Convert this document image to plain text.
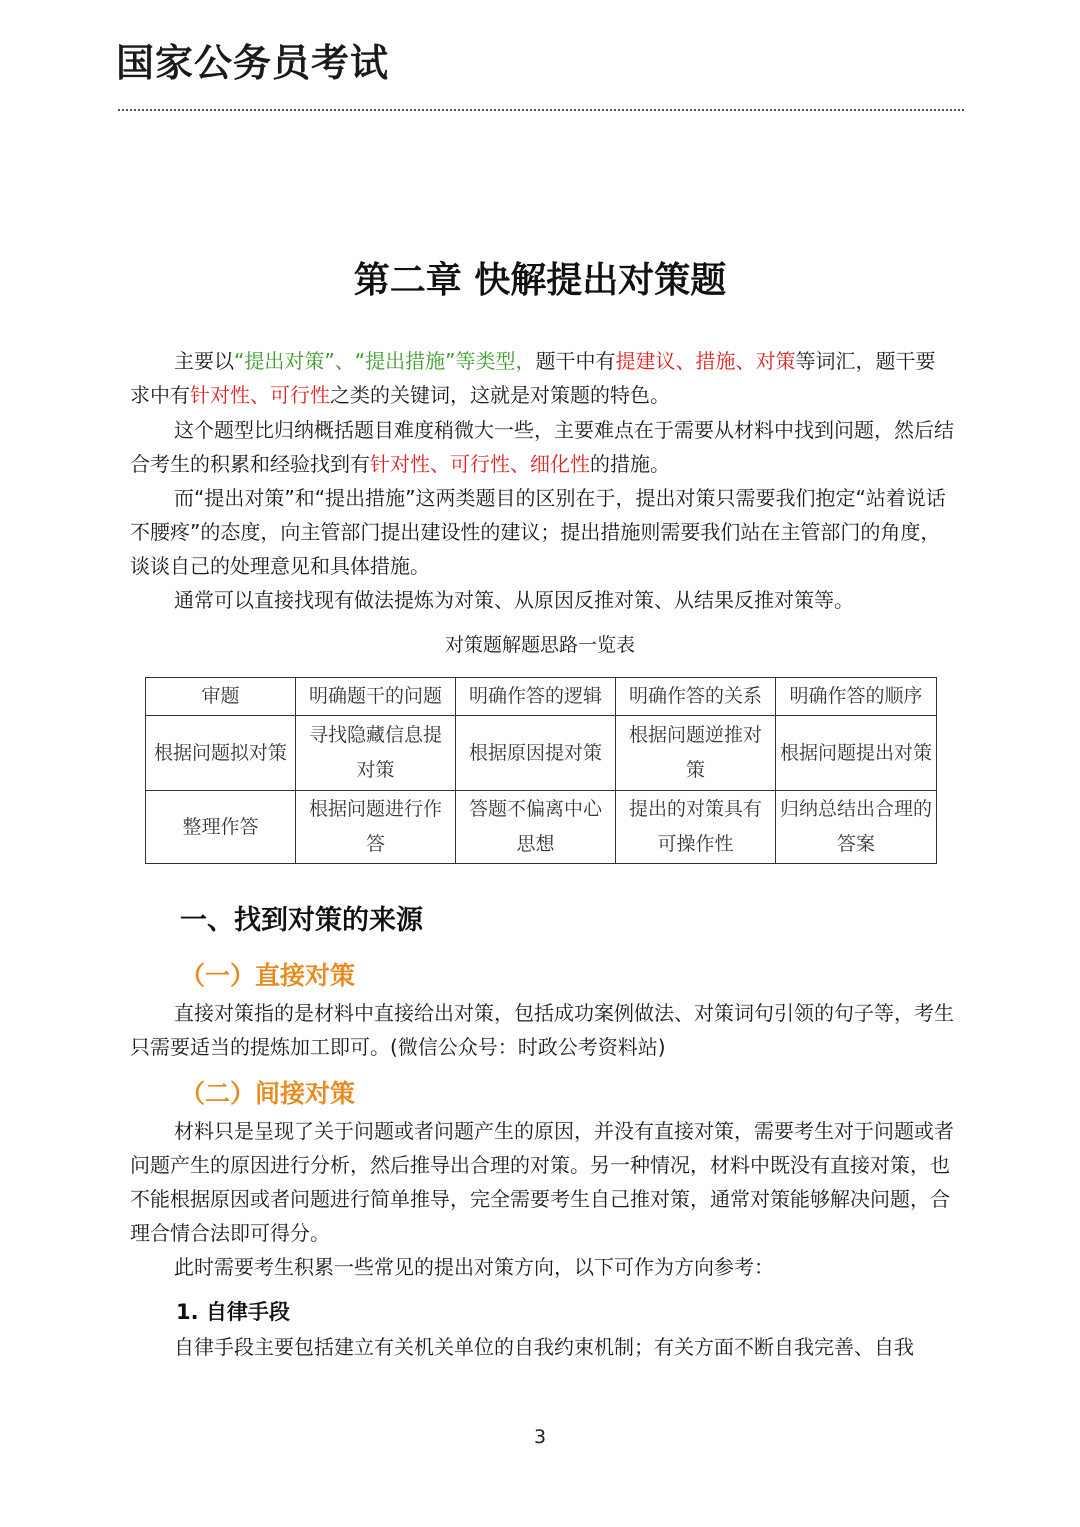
国家公务员考试
第二章 快解提出对策题

主要以“提出对策”、“提出措施”等类型，题干中有提建议、措施、对策等词汇，题干要求中有针对性、可行性之类的关键词，这就是对策题的特色。

这个题型比归纳概括题目难度稍微大一些，主要难点在于需要从材料中找到问题，然后结合考生的积累和经验找到有针对性、可行性、细化性的措施。

而“提出对策”和“提出措施”这两类题目的区别在于，提出对策只需要我们抱定“站着说话不腰疼”的态度，向主管部门提出建设性的建议；提出措施则需要我们站在主管部门的角度，谈谈自己的处理意见和具体措施。

通常可以直接找现有做法提炼为对策、从原因反推对策、从结果反推对策等。

对策题解题思路一览表
审题	明确题干的问题	明确作答的逻辑	明确作答的关系	明确作答的顺序
根据问题拟对策	寻找隐藏信息提对策	根据原因提对策	根据问题逆推对策	根据问题提出对策
整理作答	根据问题进行作答	答题不偏离中心思想	提出的对策具有可操作性	归纳总结出合理的答案
一、找到对策的来源
（一）直接对策

直接对策指的是材料中直接给出对策，包括成功案例做法、对策词句引领的句子等，考生只需要适当的提炼加工即可。(微信公众号：时政公考资料站)

（二）间接对策

材料只是呈现了关于问题或者问题产生的原因，并没有直接对策，需要考生对于问题或者问题产生的原因进行分析，然后推导出合理的对策。另一种情况，材料中既没有直接对策，也不能根据原因或者问题进行简单推导，完全需要考生自己推对策，通常对策能够解决问题，合理合情合法即可得分。

此时需要考生积累一些常见的提出对策方向，以下可作为方向参考：

1. 自律手段

自律手段主要包括建立有关机关单位的自我约束机制；有关方面不断自我完善、自我

3
